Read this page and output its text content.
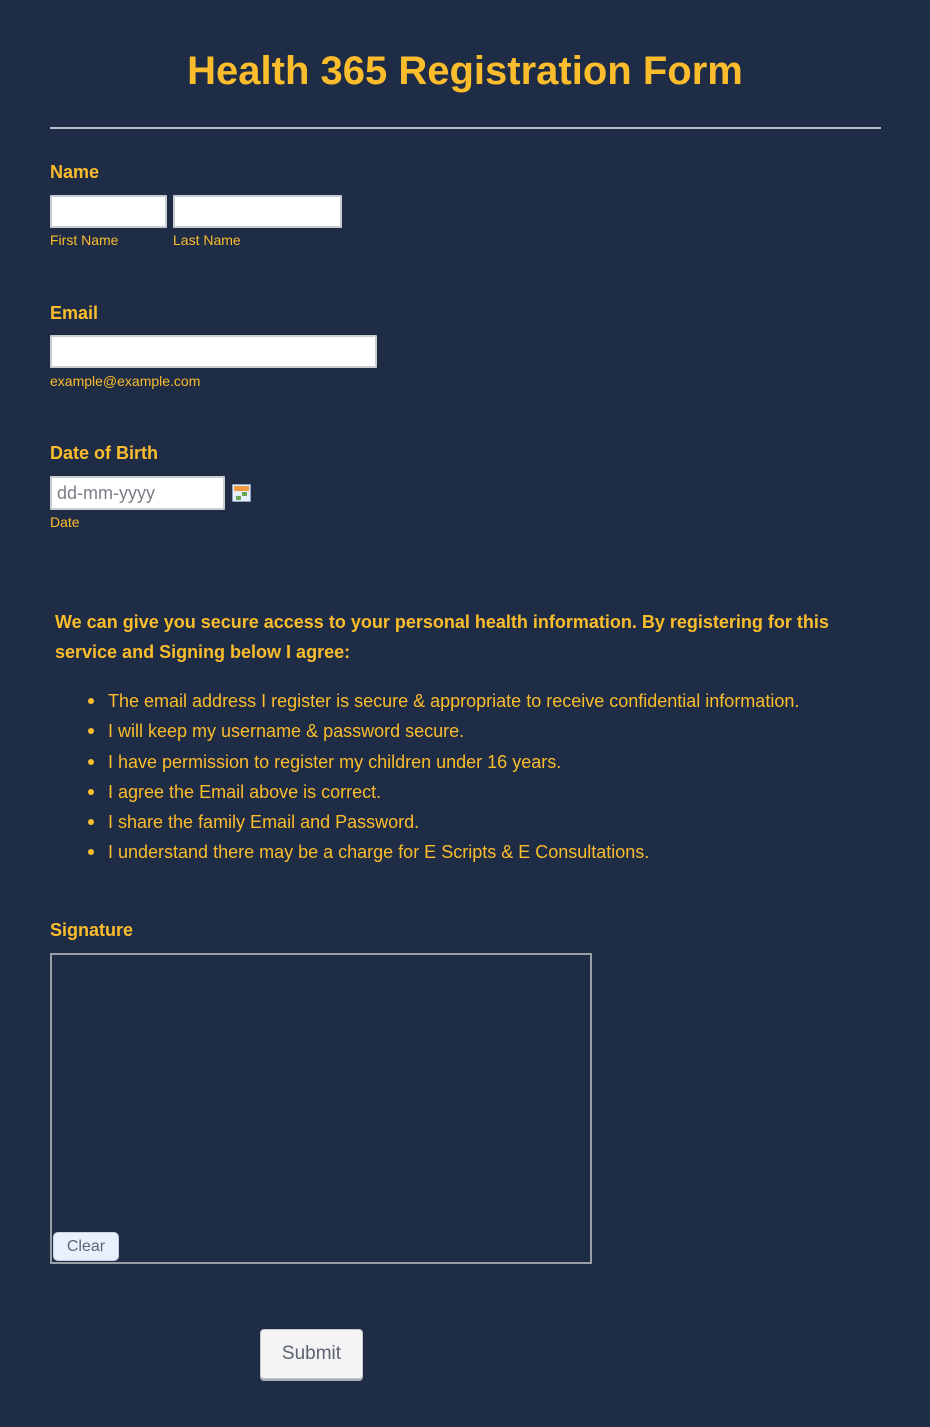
Health 365 Registration Form
Name
First Name	Last Name
Email
example@example.com
Date of Birth
dd-mm-yyyy
Date

We can give you secure access to your personal health information. By registering for this service and Signing below I agree:

The email address I register is secure & appropriate to receive confidential information.
I will keep my username & password secure.
I have permission to register my children under 16 years.
I agree the Email above is correct.
I share the family Email and Password.
I understand there may be a charge for E Scripts & E Consultations.
Signature
Clear
Submit
